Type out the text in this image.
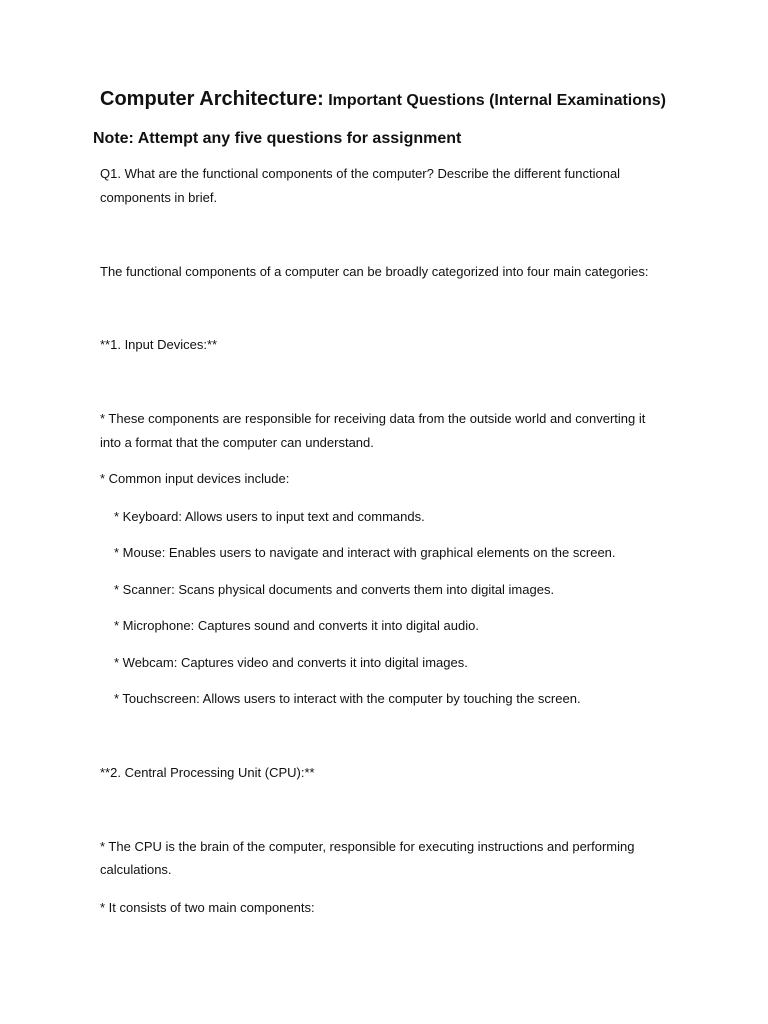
Computer Architecture: Important Questions (Internal Examinations)
Note: Attempt any five questions for assignment
Q1. What are the functional components of the computer? Describe the different functional
components in brief.
The functional components of a computer can be broadly categorized into four main categories:
**1. Input Devices:**
* These components are responsible for receiving data from the outside world and converting it
into a format that the computer can understand.
* Common input devices include:
* Keyboard: Allows users to input text and commands.
* Mouse: Enables users to navigate and interact with graphical elements on the screen.
* Scanner: Scans physical documents and converts them into digital images.
* Microphone: Captures sound and converts it into digital audio.
* Webcam: Captures video and converts it into digital images.
* Touchscreen: Allows users to interact with the computer by touching the screen.
**2. Central Processing Unit (CPU):**
* The CPU is the brain of the computer, responsible for executing instructions and performing
calculations.
* It consists of two main components:
